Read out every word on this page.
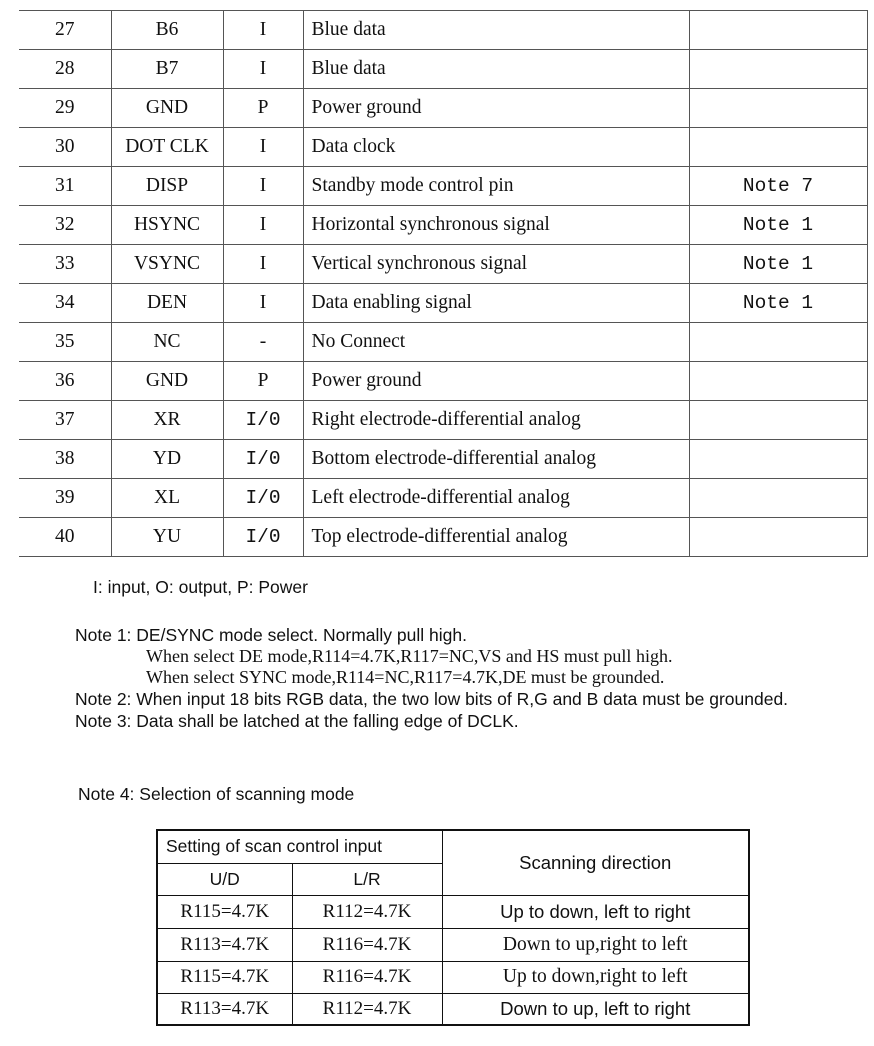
27	B6	I	Blue data	
28	B7	I	Blue data	
29	GND	P	Power ground	
30	DOT CLK	I	Data clock	
31	DISP	I	Standby mode control pin	Note 7
32	HSYNC	I	Horizontal synchronous signal	Note 1
33	VSYNC	I	Vertical synchronous signal	Note 1
34	DEN	I	Data enabling signal	Note 1
35	NC	-	No Connect	
36	GND	P	Power ground	
37	XR	I/0	Right electrode-differential analog	
38	YD	I/0	Bottom electrode-differential analog	
39	XL	I/0	Left electrode-differential analog	
40	YU	I/0	Top electrode-differential analog	
I: input, O: output, P: Power
Note 1: DE/SYNC mode select. Normally pull high.
When select DE mode,R114=4.7K,R117=NC,VS and HS must pull high.
When select SYNC mode,R114=NC,R117=4.7K,DE must be grounded.
Note 2: When input 18 bits RGB data, the two low bits of R,G and B data must be grounded.
Note 3: Data shall be latched at the falling edge of DCLK.
Note 4: Selection of scanning mode
Setting of scan control input		Scanning direction
U/D	L/R	
R115=4.7K	R112=4.7K	Up to down, left to right
R113=4.7K	R116=4.7K	Down to up,right to left
R115=4.7K	R116=4.7K	Up to down,right to left
R113=4.7K	R112=4.7K	Down to up, left to right
